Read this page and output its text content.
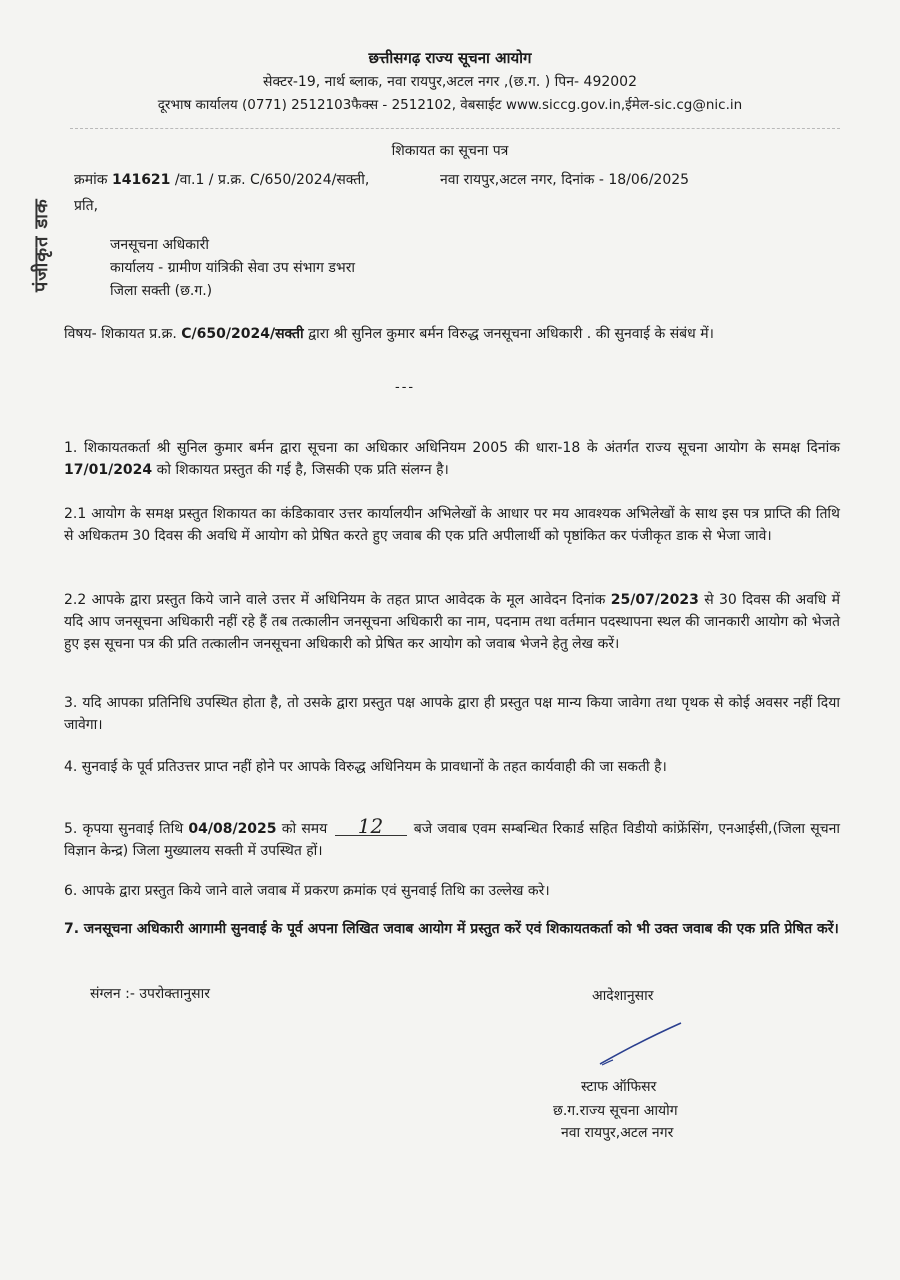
छत्तीसगढ़ राज्य सूचना आयोग
सेक्टर-19, नार्थ ब्लाक, नवा रायपुर,अटल नगर ,(छ.ग. ) पिन- 492002
दूरभाष कार्यालय (0771) 2512103फैक्स - 2512102, वेबसाईट www.siccg.gov.in,ईमेल-sic.cg@nic.in
शिकायत का सूचना पत्र
पंजीकृत डाक
क्रमांक 141621 /वा.1 / प्र.क्र. C/650/2024/सक्ती,	नवा रायपुर,अटल नगर, दिनांक - 18/06/2025
प्रति,
जनसूचना अधिकारी
कार्यालय - ग्रामीण यांत्रिकी सेवा उप संभाग डभरा
जिला सक्ती (छ.ग.)
विषय- शिकायत प्र.क्र. C/650/2024/सक्ती द्वारा श्री सुनिल कुमार बर्मन विरुद्ध जनसूचना अधिकारी . की सुनवाई के संबंध में।
---

1. शिकायतकर्ता श्री सुनिल कुमार बर्मन द्वारा सूचना का अधिकार अधिनियम 2005 की धारा-18 के अंतर्गत राज्य सूचना आयोग के समक्ष दिनांक 17/01/2024 को शिकायत प्रस्तुत की गई है, जिसकी एक प्रति संलग्न है।

2.1 आयोग के समक्ष प्रस्तुत शिकायत का कंडिकावार उत्तर कार्यालयीन अभिलेखों के आधार पर मय आवश्यक अभिलेखों के साथ इस पत्र प्राप्ति की तिथि से अधिकतम 30 दिवस की अवधि में आयोग को प्रेषित करते हुए जवाब की एक प्रति अपीलार्थी को पृष्ठांकित कर पंजीकृत डाक से भेजा जावे।

2.2 आपके द्वारा प्रस्तुत किये जाने वाले उत्तर में अधिनियम के तहत प्राप्त आवेदक के मूल आवेदन दिनांक 25/07/2023 से 30 दिवस की अवधि में यदि आप जनसूचना अधिकारी नहीं रहे हैं तब तत्कालीन जनसूचना अधिकारी का नाम, पदनाम तथा वर्तमान पदस्थापना स्थल की जानकारी आयोग को भेजते हुए इस सूचना पत्र की प्रति तत्कालीन जनसूचना अधिकारी को प्रेषित कर आयोग को जवाब भेजने हेतु लेख करें।

3. यदि आपका प्रतिनिधि उपस्थित होता है, तो उसके द्वारा प्रस्तुत पक्ष आपके द्वारा ही प्रस्तुत पक्ष मान्य किया जावेगा तथा पृथक से कोई अवसर नहीं दिया जावेगा।

4. सुनवाई के पूर्व प्रतिउत्तर प्राप्त नहीं होने पर आपके विरुद्ध अधिनियम के प्रावधानों के तहत कार्यवाही की जा सकती है।

5. कृपया सुनवाई तिथि 04/08/2025 को समय 12 बजे जवाब एवम सम्बन्धित रिकार्ड सहित विडीयो कांफ्रेंसिंग, एनआईसी,(जिला सूचना विज्ञान केन्द्र) जिला मुख्यालय सक्ती में उपस्थित हों।

6. आपके द्वारा प्रस्तुत किये जाने वाले जवाब में प्रकरण क्रमांक एवं सुनवाई तिथि का उल्लेख करे।

7. जनसूचना अधिकारी आगामी सुनवाई के पूर्व अपना लिखित जवाब आयोग में प्रस्तुत करें एवं शिकायतकर्ता को भी उक्त जवाब की एक प्रति प्रेषित करें।

संग्लन :- उपरोक्तानुसार	आदेशानुसार
स्टाफ ऑफिसर
छ.ग.राज्य सूचना आयोग
नवा रायपुर,अटल नगर
